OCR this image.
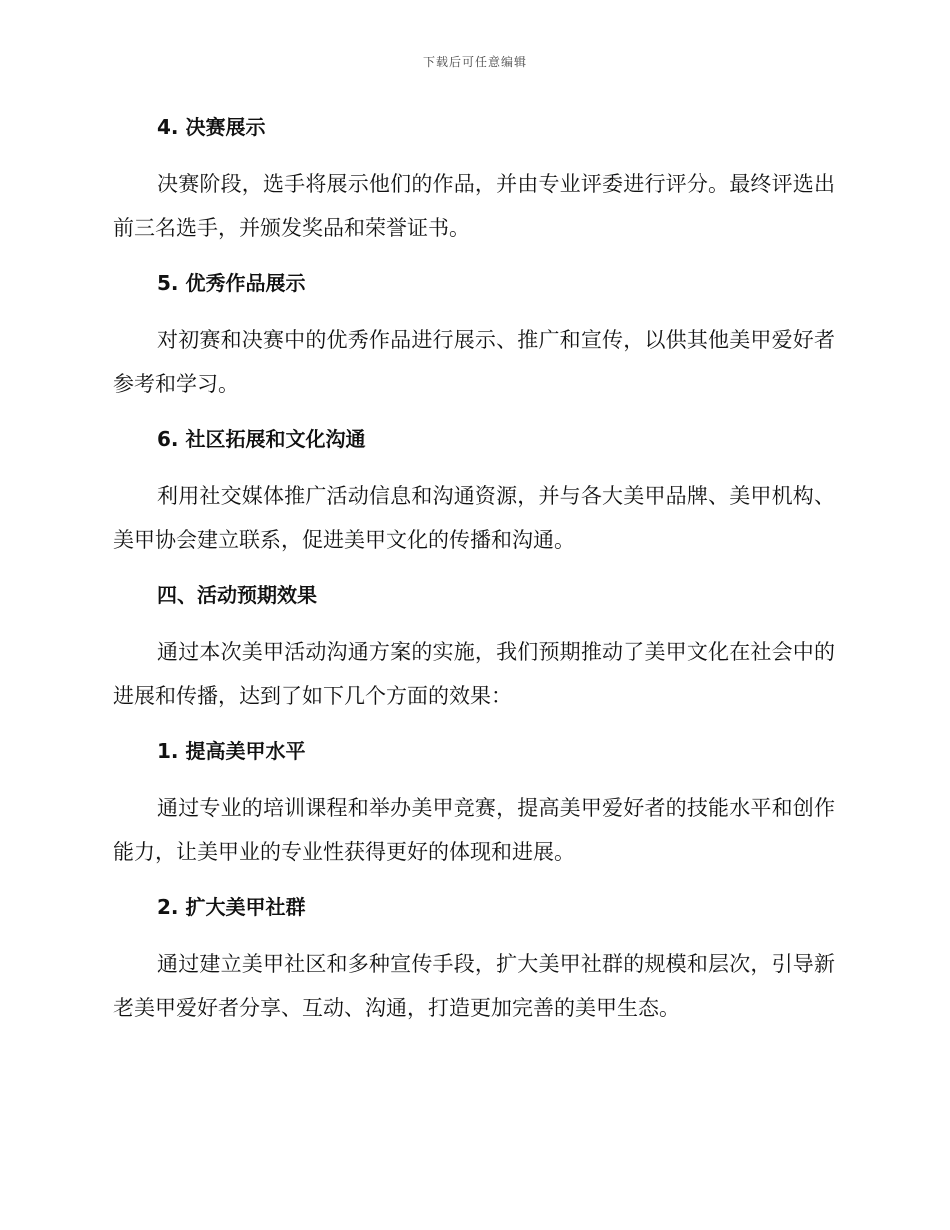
下载后可任意编辑
4. 决赛展示

决赛阶段，选手将展示他们的作品，并由专业评委进行评分。最终评选出前三名选手，并颁发奖品和荣誉证书。

5. 优秀作品展示

对初赛和决赛中的优秀作品进行展示、推广和宣传，以供其他美甲爱好者参考和学习。

6. 社区拓展和文化沟通

利用社交媒体推广活动信息和沟通资源，并与各大美甲品牌、美甲机构、美甲协会建立联系，促进美甲文化的传播和沟通。

四、活动预期效果

通过本次美甲活动沟通方案的实施，我们预期推动了美甲文化在社会中的进展和传播，达到了如下几个方面的效果：

1. 提高美甲水平

通过专业的培训课程和举办美甲竞赛，提高美甲爱好者的技能水平和创作能力，让美甲业的专业性获得更好的体现和进展。

2. 扩大美甲社群

通过建立美甲社区和多种宣传手段，扩大美甲社群的规模和层次，引导新老美甲爱好者分享、互动、沟通，打造更加完善的美甲生态。
